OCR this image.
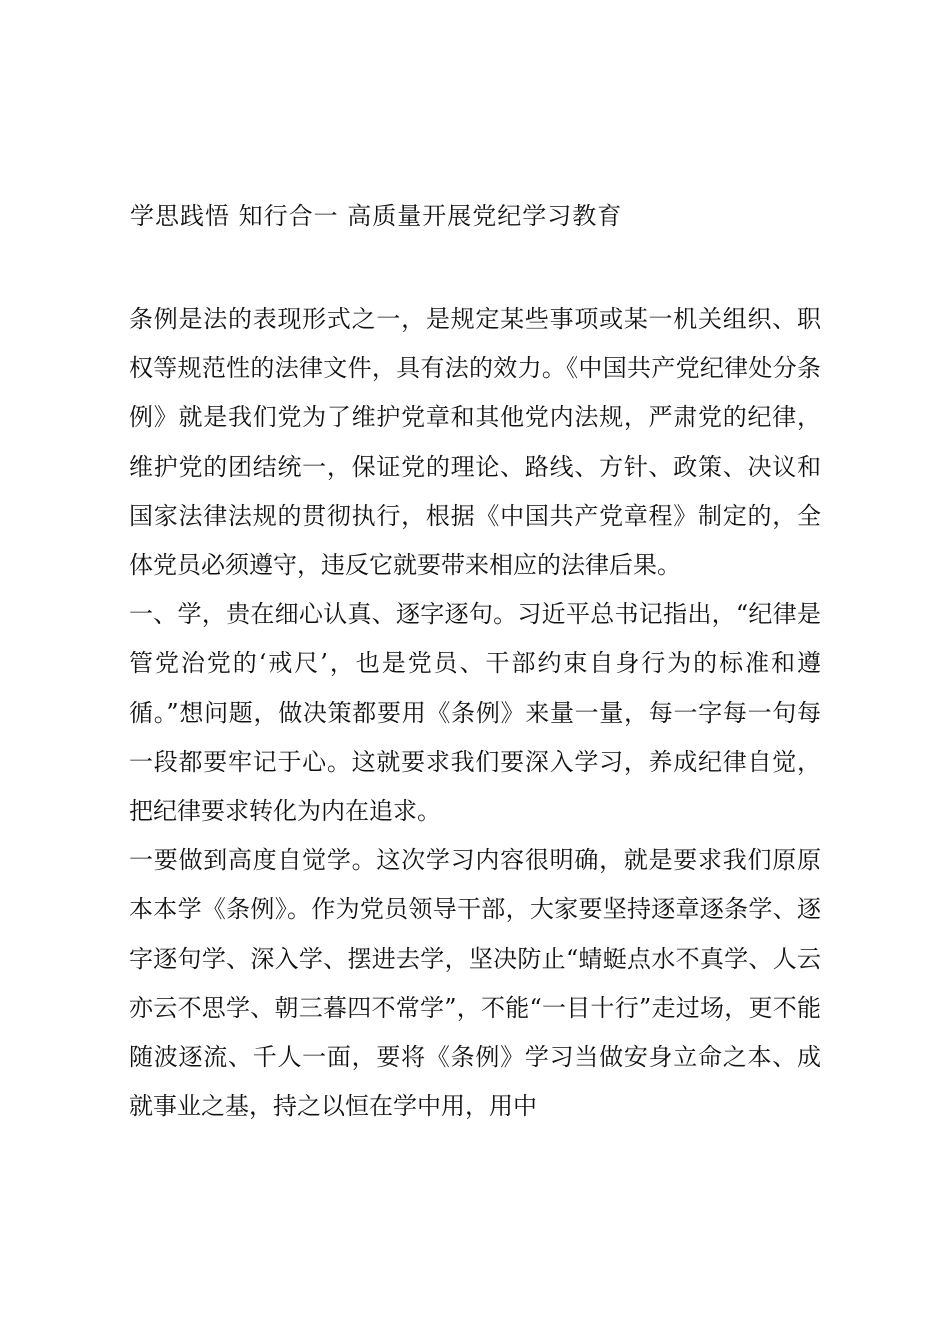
学思践悟 知行合一 高质量开展党纪学习教育

条例是法的表现形式之一，是规定某些事项或某一机关组织、职权等规范性的法律文件，具有法的效力。《中国共产党纪律处分条例》就是我们党为了维护党章和其他党内法规，严肃党的纪律，维护党的团结统一，保证党的理论、路线、方针、政策、决议和国家法律法规的贯彻执行，根据《中国共产党章程》制定的，全体党员必须遵守，违反它就要带来相应的法律后果。

一、学，贵在细心认真、逐字逐句。习近平总书记指出，“纪律是管党治党的‘戒尺’，也是党员、干部约束自身行为的标准和遵循。”想问题，做决策都要用《条例》来量一量，每一字每一句每一段都要牢记于心。这就要求我们要深入学习，养成纪律自觉，把纪律要求转化为内在追求。

一要做到高度自觉学。这次学习内容很明确，就是要求我们原原本本学《条例》。作为党员领导干部，大家要坚持逐章逐条学、逐字逐句学、深入学、摆进去学，坚决防止“蜻蜓点水不真学、人云亦云不思学、朝三暮四不常学”，不能“一目十行”走过场，更不能随波逐流、千人一面，要将《条例》学习当做安身立命之本、成就事业之基，持之以恒在学中用，用中
